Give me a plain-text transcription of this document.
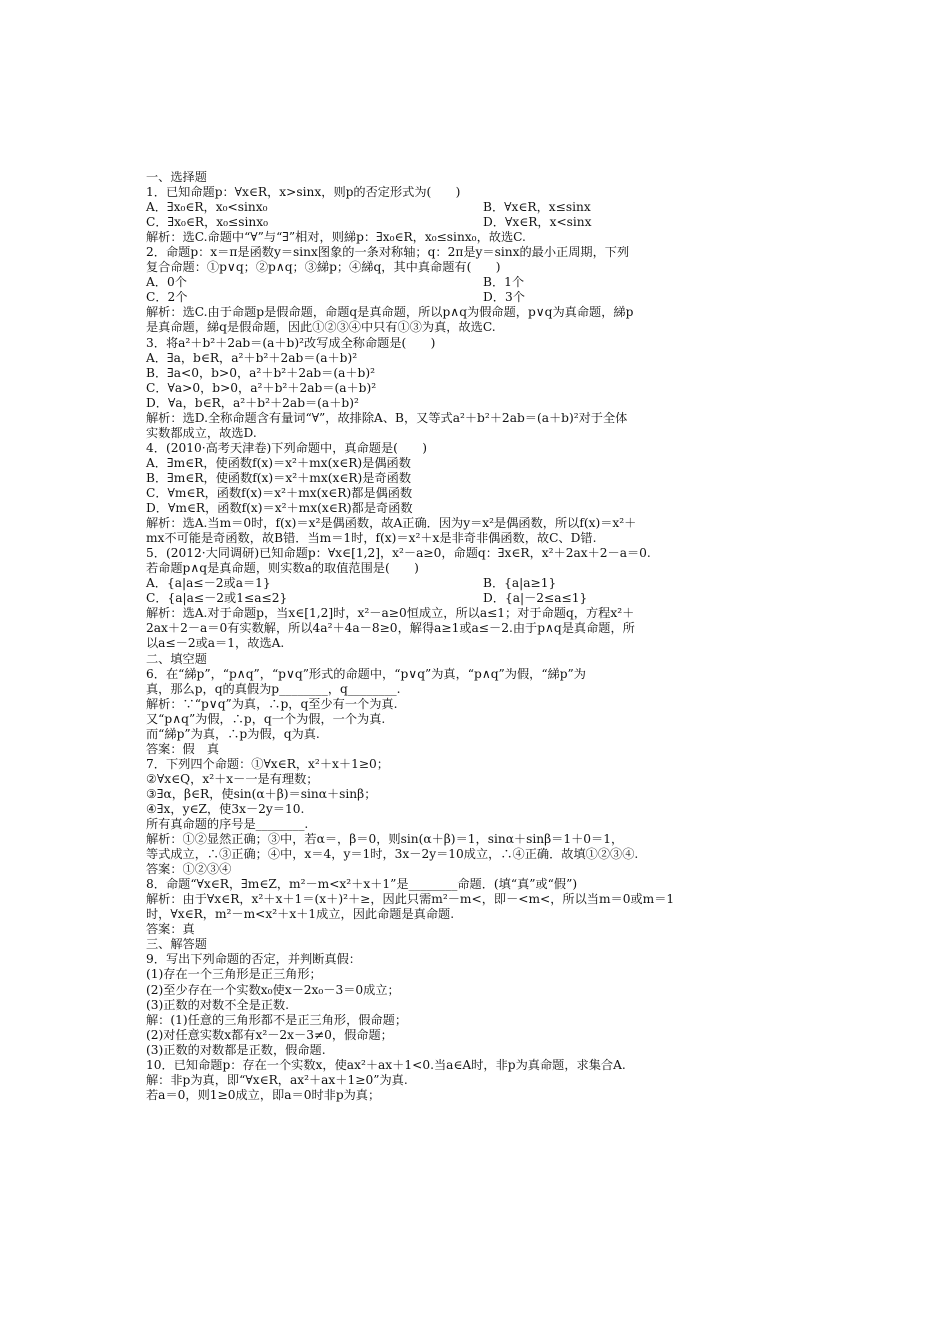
一、选择题
1．已知命题p：∀x∈R，x>sinx，则p的否定形式为(　　)
A．∃x₀∈R，x₀<sinx₀	B．∀x∈R，x≤sinx
C．∃x₀∈R，x₀≤sinx₀	D．∀x∈R，x<sinx
解析：选C.命题中“∀”与“∃”相对，则綈p：∃x₀∈R，x₀≤sinx₀，故选C.
2．命题p：x＝π是函数y＝sinx图象的一条对称轴；q：2π是y＝sinx的最小正周期，下列
复合命题：①p∨q；②p∧q；③綈p；④綈q，其中真命题有(　　)
A．0个	B．1个
C．2个	D．3个
解析：选C.由于命题p是假命题，命题q是真命题，所以p∧q为假命题，p∨q为真命题，綈p
是真命题，綈q是假命题，因此①②③④中只有①③为真，故选C.
3．将a²＋b²＋2ab＝(a＋b)²改写成全称命题是(　　)
A．∃a，b∈R，a²＋b²＋2ab＝(a＋b)²
B．∃a<0，b>0，a²＋b²＋2ab＝(a＋b)²
C．∀a>0，b>0，a²＋b²＋2ab＝(a＋b)²
D．∀a，b∈R，a²＋b²＋2ab＝(a＋b)²
解析：选D.全称命题含有量词“∀”，故排除A、B，又等式a²＋b²＋2ab＝(a＋b)²对于全体
实数都成立，故选D.
4．(2010·高考天津卷)下列命题中，真命题是(　　)
A．∃m∈R，使函数f(x)＝x²＋mx(x∈R)是偶函数
B．∃m∈R，使函数f(x)＝x²＋mx(x∈R)是奇函数
C．∀m∈R，函数f(x)＝x²＋mx(x∈R)都是偶函数
D．∀m∈R，函数f(x)＝x²＋mx(x∈R)都是奇函数
解析：选A.当m＝0时，f(x)＝x²是偶函数，故A正确．因为y＝x²是偶函数，所以f(x)＝x²＋
mx不可能是奇函数，故B错．当m＝1时，f(x)＝x²＋x是非奇非偶函数，故C、D错.
5．(2012·大同调研)已知命题p：∀x∈[1,2]，x²－a≥0，命题q：∃x∈R，x²＋2ax＋2－a＝0.
若命题p∧q是真命题，则实数a的取值范围是(　　)
A．{a|a≤－2或a＝1}	B．{a|a≥1}
C．{a|a≤－2或1≤a≤2}	D．{a|－2≤a≤1}
解析：选A.对于命题p，当x∈[1,2]时，x²－a≥0恒成立，所以a≤1；对于命题q，方程x²＋
2ax＋2－a＝0有实数解，所以4a²＋4a－8≥0，解得a≥1或a≤－2.由于p∧q是真命题，所
以a≤－2或a＝1，故选A.
二、填空题
6．在“綈p”，“p∧q”，“p∨q”形式的命题中，“p∨q”为真，“p∧q”为假，“綈p”为
真，那么p，q的真假为p________，q________.
解析：∵“p∨q”为真，∴p，q至少有一个为真.
又“p∧q”为假，∴p，q一个为假，一个为真.
而“綈p”为真，∴p为假，q为真.
答案：假　真
7．下列四个命题：①∀x∈R，x²＋x＋1≥0；
②∀x∈Q，x²＋x－一是有理数；
③∃α，β∈R，使sin(α＋β)＝sinα＋sinβ；
④∃x，y∈Z，使3x－2y＝10.
所有真命题的序号是________.
解析：①②显然正确；③中，若α＝，β＝0，则sin(α＋β)＝1，sinα＋sinβ＝1＋0＝1，
等式成立，∴③正确；④中，x＝4，y＝1时，3x－2y＝10成立，∴④正确．故填①②③④.
答案：①②③④
8．命题“∀x∈R，∃m∈Z，m²－m<x²＋x＋1”是________命题．(填“真”或“假”)
解析：由于∀x∈R，x²＋x＋1＝(x＋)²＋≥，因此只需m²－m<，即－<m<，所以当m＝0或m＝1
时，∀x∈R，m²－m<x²＋x＋1成立，因此命题是真命题.
答案：真
三、解答题
9．写出下列命题的否定，并判断真假：
(1)存在一个三角形是正三角形；
(2)至少存在一个实数x₀使x－2x₀－3＝0成立；
(3)正数的对数不全是正数.
解：(1)任意的三角形都不是正三角形，假命题；
(2)对任意实数x都有x²－2x－3≠0，假命题；
(3)正数的对数都是正数，假命题.
10．已知命题p：存在一个实数x，使ax²＋ax＋1<0.当a∈A时，非p为真命题，求集合A.
解：非p为真，即“∀x∈R，ax²＋ax＋1≥0”为真.
若a＝0，则1≥0成立，即a＝0时非p为真；
